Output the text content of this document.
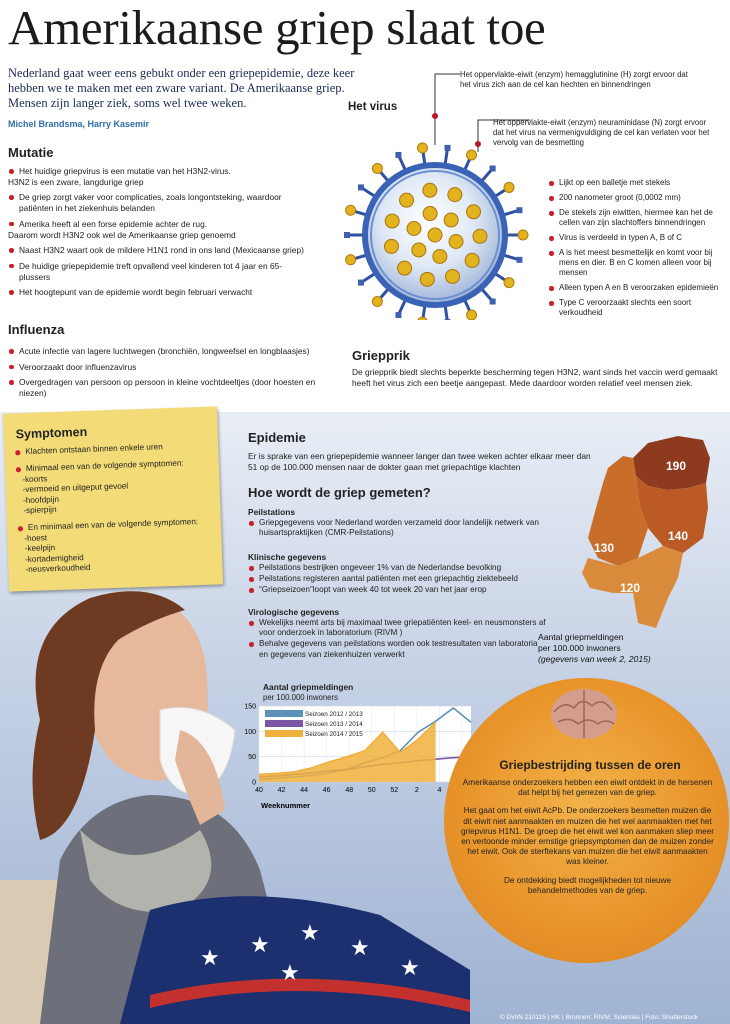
Amerikaanse griep slaat toe
Nederland gaat weer eens gebukt onder een griepepidemie, deze keer hebben we te maken met een zware variant. De Amerikaanse griep. Mensen zijn langer ziek, soms wel twee weken.
Michel Brandsma, Harry Kasemir
Mutatie
Het huidige griepvirus is een mutatie van het H3N2-virus.
H3N2 is een zware, langdurige griep
De griep zorgt vaker voor complicaties, zoals longontsteking, waardoor patiënten in het ziekenhuis belanden
Amerika heeft al een forse epidemie achter de rug.
Daarom wordt H3N2 ook wel de Amerikaanse griep genoemd
Naast H3N2 waart ook de mildere H1N1 rond in ons land (Mexicaanse griep)
De huidige griepepidemie treft opvallend veel kinderen tot 4 jaar en 65-plussers
Het hoogtepunt van de epidemie wordt begin februari verwacht
Influenza
Acute infectie van lagere luchtwegen (bronchiën, longweefsel en longblaasjes)
Veroorzaakt door influenzavirus
Overgedragen van persoon op persoon in kleine vochtdeeltjes (door hoesten en niezen)
Het virus
Het oppervlakte-eiwit (enzym) hemagglutinine (H) zorgt ervoor dat het virus zich aan de cel kan hechten en binnendringen
Het oppervlakte-eiwit (enzym) neuraminidase (N) zorgt ervoor dat het virus na vermenigvuldiging de cel kan verlaten voor het vervolg van de besmetting
Lijkt op een balletje met stekels
200 nanometer groot (0,0002 mm)
De stekels zijn eiwitten, hiermee kan het de cellen van zijn slachtoffers binnendringen
Virus is verdeeld in typen A, B of C
A is het meest besmettelijk en komt voor bij mens en dier. B en C komen alleen voor bij mensen
Alleen typen A en B veroorzaken epidemieën
Type C veroorzaakt slechts een soort verkoudheid
Griepprik
De griepprik biedt slechts beperkte bescherming tegen H3N2, want sinds het vaccin werd gemaakt heeft het virus zich een beetje aangepast. Mede daardoor worden relatief veel mensen ziek.
★ ★
★
★
★	★
Symptomen
Klachten ontstaan binnen enkele uren
Minimaal een van de volgende symptomen:
-koorts
-vermoeid en uitgeput gevoel
-hoofdpijn
-spierpijn
En minimaal een van de volgende symptomen:
-hoest
-keelpijn
-kortademigheid
-neusverkoudheid
Epidemie
Er is sprake van een griepepidemie wanneer langer dan twee weken achter elkaar meer dan 51 op de 100.000 mensen naar de dokter gaan met griepachtige klachten
Hoe wordt de griep gemeten?
Peilstations
Griepgegevens voor Nederland worden verzameld door landelijk netwerk van huisartspraktijken (CMR-Peilstations)
Klinische gegevens
Peilstations bestrijken ongeveer 1% van de Nederlandse bevolking
Peilstations registeren aantal patiënten met een griepachtig ziektebeeld
“Griepseizoen”loopt van week 40 tot week 20 van het jaar erop
Virologische gegevens
Wekelijks neemt arts bij maximaal twee griepatiënten keel- en neusmonsters af voor onderzoek in laboratorium (RIVM )
Behalve gegevens van peilstations worden ook testresultaten van laboratoria en gegevens van ziekenhuizen verwerkt
190
140
130
120
Aantal griepmeldingen
per 100.000 inwoners
(gegevens van week 2, 2015)
Aantal griepmeldingen
per 100.000 inwoners
150
100
50
0
40 42 44 46 48 50 52 2	4
Seizoen 2012 / 2013
Seizoen 2013 / 2014
Seizoen 2014 / 2015
Weeknummer
Griepbestrijding tussen de oren

Amerikaanse onderzoekers hebben een eiwit ontdekt in de hersenen dat helpt bij het genezen van de griep.

Het gaat om het eiwit AcPb. De onderzoekers besmetten muizen die dit eiwit niet aanmaakten en muizen die het wel aanmaakten met het griepvirus H1N1. De groep die het eiwit wel kon aanmaken sliep meer en vertoonde minder ernstige griepsymptomen dan de muizen zonder het eiwit. Ook de sterftekans van muizen die het eiwit aanmaakten was kleiner.

De ontdekking biedt mogelijkheden tot nieuwe behandelmethodes van de griep.

© DvhN 210115 | HK | Bronnen: RIVM, Scientias | Foto: Shutterstock
